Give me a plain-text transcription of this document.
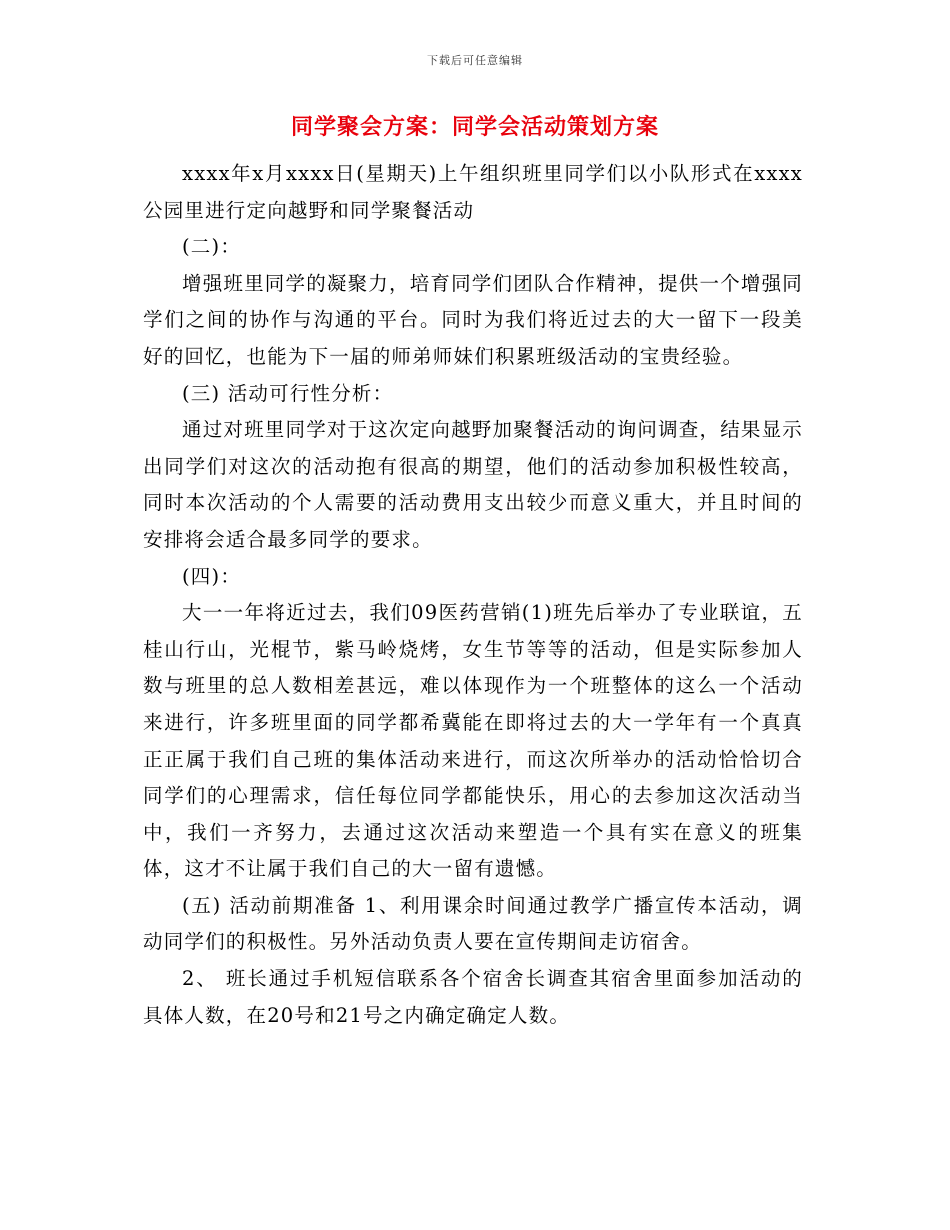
下载后可任意编辑
同学聚会方案：同学会活动策划方案

xxxx年x月xxxx日(星期天)上午组织班里同学们以小队形式在xxxx公园里进行定向越野和同学聚餐活动

(二)：

增强班里同学的凝聚力，培育同学们团队合作精神，提供一个增强同学们之间的协作与沟通的平台。同时为我们将近过去的大一留下一段美好的回忆，也能为下一届的师弟师妹们积累班级活动的宝贵经验。

(三) 活动可行性分析：

通过对班里同学对于这次定向越野加聚餐活动的询问调查，结果显示出同学们对这次的活动抱有很高的期望，他们的活动参加积极性较高，同时本次活动的个人需要的活动费用支出较少而意义重大，并且时间的安排将会适合最多同学的要求。

(四)：

大一一年将近过去，我们09医药营销(1)班先后举办了专业联谊，五桂山行山，光棍节，紫马岭烧烤，女生节等等的活动，但是实际参加人数与班里的总人数相差甚远，难以体现作为一个班整体的这么一个活动来进行，许多班里面的同学都希冀能在即将过去的大一学年有一个真真正正属于我们自己班的集体活动来进行，而这次所举办的活动恰恰切合同学们的心理需求，信任每位同学都能快乐，用心的去参加这次活动当中，我们一齐努力，去通过这次活动来塑造一个具有实在意义的班集体，这才不让属于我们自己的大一留有遗憾。

(五) 活动前期准备 1、利用课余时间通过教学广播宣传本活动，调动同学们的积极性。另外活动负责人要在宣传期间走访宿舍。

2、 班长通过手机短信联系各个宿舍长调查其宿舍里面参加活动的具体人数，在20号和21号之内确定确定人数。
